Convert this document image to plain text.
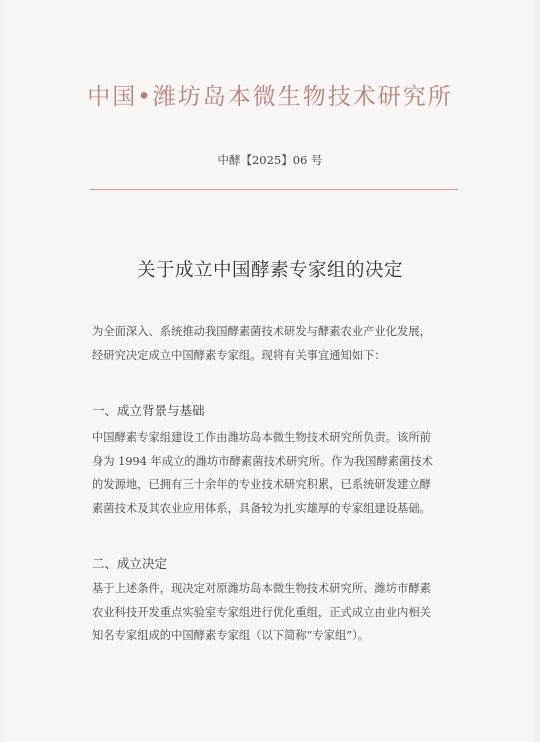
中国•潍坊岛本微生物技术研究所
中酵【2025】06 号
关于成立中国酵素专家组的决定
为全面深入、系统推动我国酵素菌技术研发与酵素农业产业化发展，
经研究决定成立中国酵素专家组。现将有关事宜通知如下：
一、成立背景与基础
中国酵素专家组建设工作由潍坊岛本微生物技术研究所负责。该所前
身为 1994 年成立的潍坊市酵素菌技术研究所。作为我国酵素菌技术
的发源地，已拥有三十余年的专业技术研究积累，已系统研发建立酵
素菌技术及其农业应用体系，具备较为扎实雄厚的专家组建设基础。
二、成立决定
基于上述条件，现决定对原潍坊岛本微生物技术研究所、潍坊市酵素
农业科技开发重点实验室专家组进行优化重组，正式成立由业内相关
知名专家组成的中国酵素专家组（以下简称“专家组”）。
